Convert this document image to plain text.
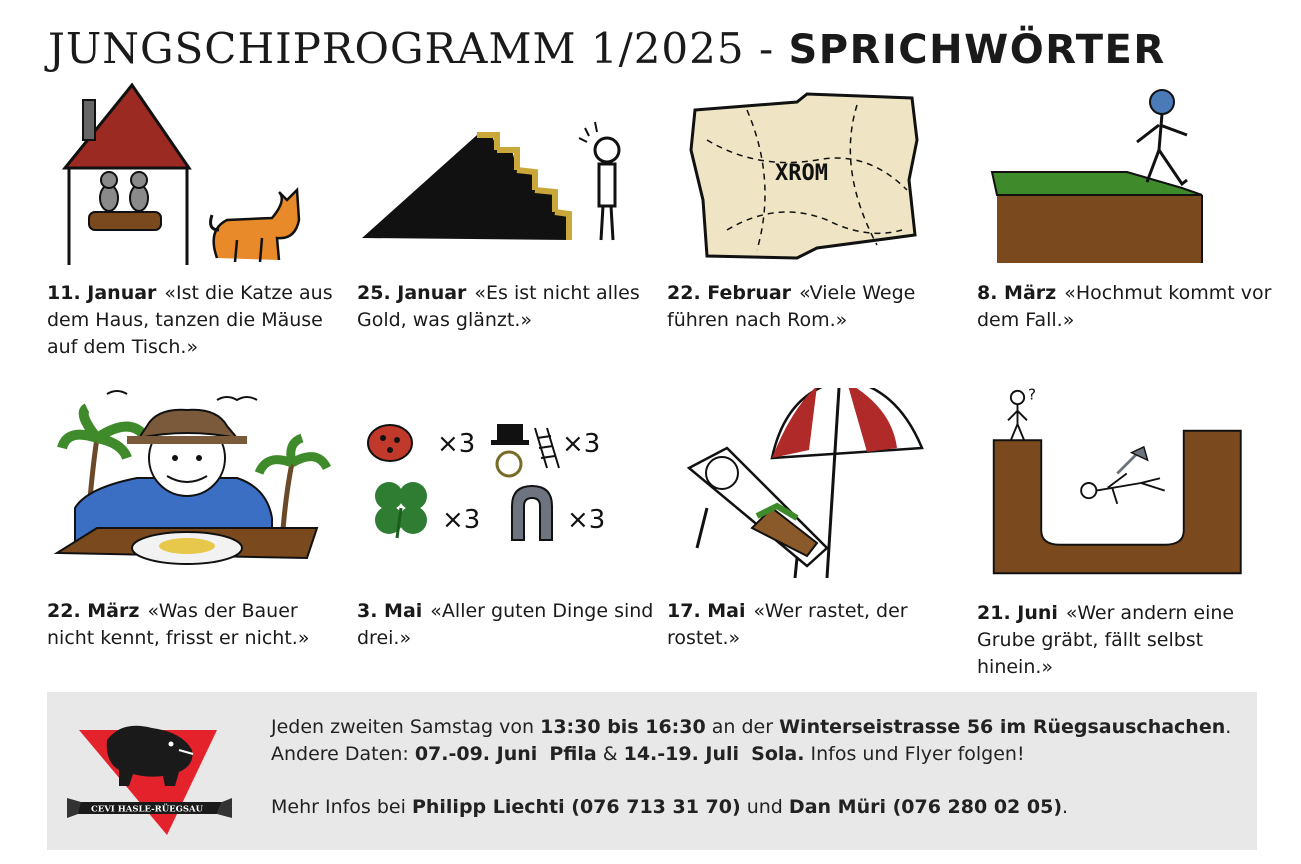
JUNGSCHIPROGRAMM 1/2025 - SPRICHWÖRTER
11. Januar «Ist die Katze aus dem Haus, tanzen die Mäuse auf dem Tisch.»
25. Januar «Es ist nicht alles Gold, was glänzt.»
XROM
22. Februar «Viele Wege führen nach Rom.»
8. März «Hochmut kommt vor dem Fall.»
22. März «Was der Bauer nicht kennt, frisst er nicht.»
×3	×3
×3	×3
3. Mai «Aller guten Dinge sind drei.»
17. Mai «Wer rastet, der rostet.»
?
21. Juni «Wer andern eine Grube gräbt, fällt selbst hinein.»
CEVI HASLE-RÜEGSAU
Jeden zweiten Samstag von 13:30 bis 16:30 an der Winterseistrasse 56 im Rüegsauschachen.
Andere Daten: 07.-09. Juni Pfila & 14.-19. Juli Sola. Infos und Flyer folgen!
Mehr Infos bei Philipp Liechti (076 713 31 70) und Dan Müri (076 280 02 05).
